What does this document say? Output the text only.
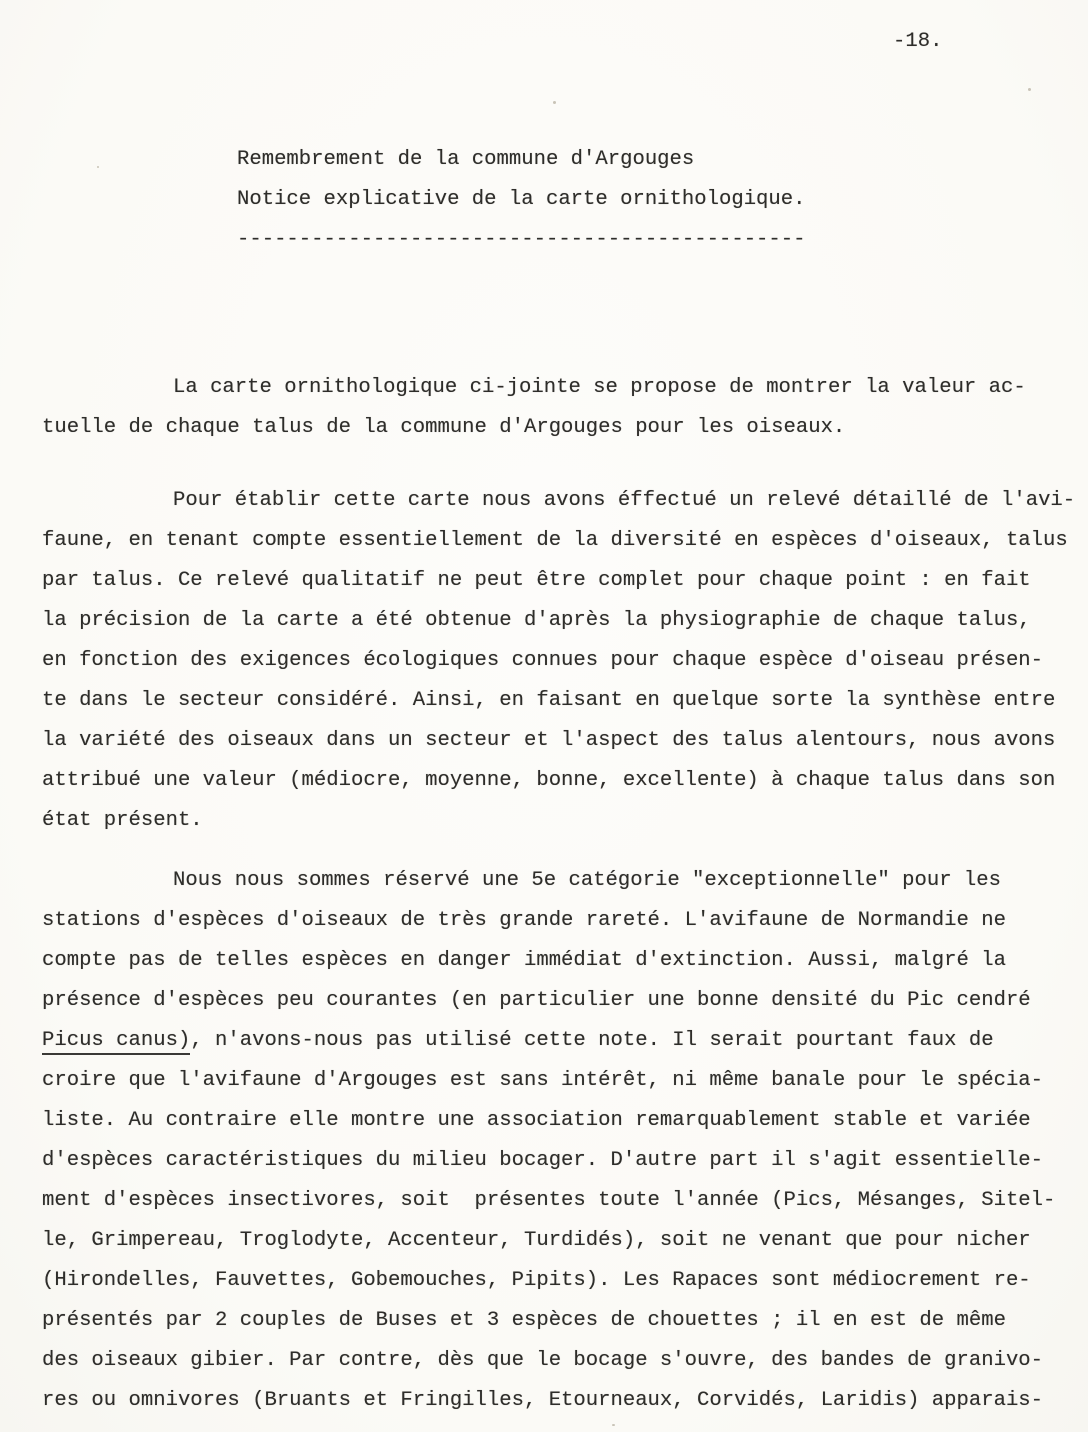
-18.
Remembrement de la commune d'Argouges
Notice explicative de la carte ornithologique.
----------------------------------------------
La carte ornithologique ci-jointe se propose de montrer la valeur ac-
tuelle de chaque talus de la commune d'Argouges pour les oiseaux.
Pour établir cette carte nous avons éffectué un relevé détaillé de l'avi-
faune, en tenant compte essentiellement de la diversité en espèces d'oiseaux, talus
par talus. Ce relevé qualitatif ne peut être complet pour chaque point : en fait
la précision de la carte a été obtenue d'après la physiographie de chaque talus,
en fonction des exigences écologiques connues pour chaque espèce d'oiseau présen-
te dans le secteur considéré. Ainsi, en faisant en quelque sorte la synthèse entre
la variété des oiseaux dans un secteur et l'aspect des talus alentours, nous avons
attribué une valeur (médiocre, moyenne, bonne, excellente) à chaque talus dans son
état présent.
Nous nous sommes réservé une 5e catégorie "exceptionnelle" pour les
stations d'espèces d'oiseaux de très grande rareté. L'avifaune de Normandie ne
compte pas de telles espèces en danger immédiat d'extinction. Aussi, malgré la
présence d'espèces peu courantes (en particulier une bonne densité du Pic cendré
Picus canus), n'avons-nous pas utilisé cette note. Il serait pourtant faux de
croire que l'avifaune d'Argouges est sans intérêt, ni même banale pour le spécia-
liste. Au contraire elle montre une association remarquablement stable et variée
d'espèces caractéristiques du milieu bocager. D'autre part il s'agit essentielle-
ment d'espèces insectivores, soit  présentes toute l'année (Pics, Mésanges, Sitel-
le, Grimpereau, Troglodyte, Accenteur, Turdidés), soit ne venant que pour nicher
(Hirondelles, Fauvettes, Gobemouches, Pipits). Les Rapaces sont médiocrement re-
présentés par 2 couples de Buses et 3 espèces de chouettes ; il en est de même
des oiseaux gibier. Par contre, dès que le bocage s'ouvre, des bandes de granivo-
res ou omnivores (Bruants et Fringilles, Etourneaux, Corvidés, Laridis) apparais-
